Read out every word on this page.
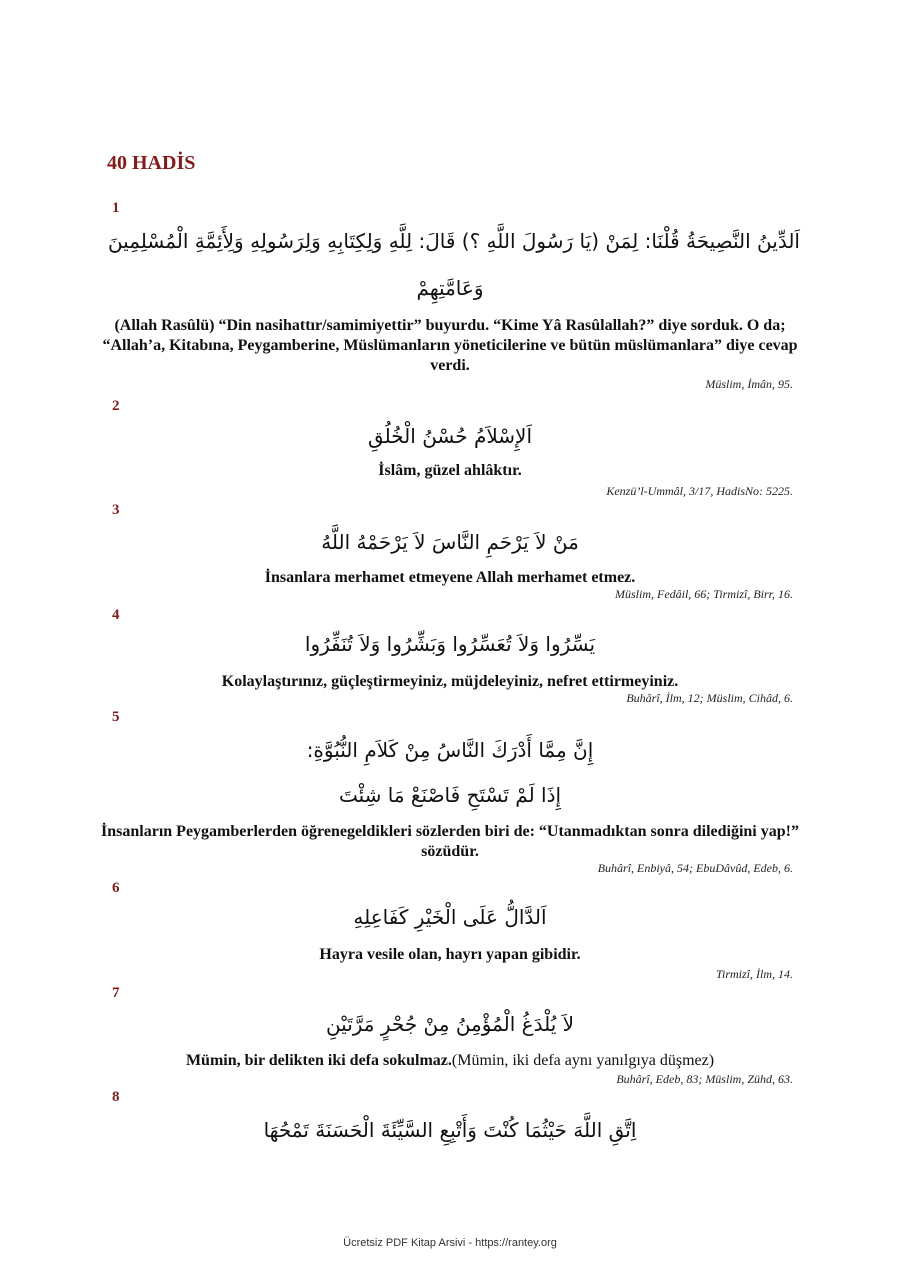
40 HADİS
1
اَلدِّينُ النَّصِيحَةُ قُلْنَا: لِمَنْ (يَا رَسُولَ اللَّهِ ؟) قَالَ: لِلَّهِ وَلِكِتَابِهِ وَلِرَسُولِهِ وَلِأَئِمَّةِ الْمُسْلِمِينَ
وَعَامَّتِهِمْ
(Allah Rasûlü) “Din nasihattır/samimiyettir” buyurdu. “Kime Yâ Rasûlallah?” diye sorduk. O da; “Allah’a, Kitabına, Peygamberine, Müslümanların yöneticilerine ve bütün müslümanlara” diye cevap verdi.
Müslim, İmân, 95.
2
اَلإِسْلاَمُ حُسْنُ الْخُلُقِ
İslâm, güzel ahlâktır.
Kenzü’l-Ummâl, 3/17, HadisNo: 5225.
3
مَنْ لاَ يَرْحَمِ النَّاسَ لاَ يَرْحَمْهُ اللَّهُ
İnsanlara merhamet etmeyene Allah merhamet etmez.
Müslim, Fedâil, 66; Tirmizî, Birr, 16.
4
يَسِّرُوا وَلاَ تُعَسِّرُوا وَبَشِّرُوا وَلاَ تُنَفِّرُوا
Kolaylaştırınız, güçleştirmeyiniz, müjdeleyiniz, nefret ettirmeyiniz.
Buhârî, İlm, 12; Müslim, Cihâd, 6.
5
إِنَّ مِمَّا أَدْرَكَ النَّاسُ مِنْ كَلاَمِ النُّبُوَّةِ:
إِذَا لَمْ تَسْتَحِ فَاصْنَعْ مَا شِئْتَ
İnsanların Peygamberlerden öğrenegeldikleri sözlerden biri de: “Utanmadıktan sonra dilediğini yap!” sözüdür.
Buhârî, Enbiyâ, 54; EbuDâvûd, Edeb, 6.
6
اَلدَّالُّ عَلَى الْخَيْرِ كَفَاعِلِهِ
Hayra vesile olan, hayrı yapan gibidir.
Tirmizî, İlm, 14.
7
لاَ يُلْدَغُ الْمُؤْمِنُ مِنْ جُحْرٍ مَرَّتَيْنِ
Mümin, bir delikten iki defa sokulmaz.(Mümin, iki defa aynı yanılgıya düşmez)
Buhârî, Edeb, 83; Müslim, Zühd, 63.
8
اِتَّقِ اللَّهَ حَيْثُمَا كُنْتَ وَأَتْبِعِ السَّيِّئَةَ الْحَسَنَةَ تَمْحُهَا
Ücretsiz PDF Kitap Arsivi - https://rantey.org
